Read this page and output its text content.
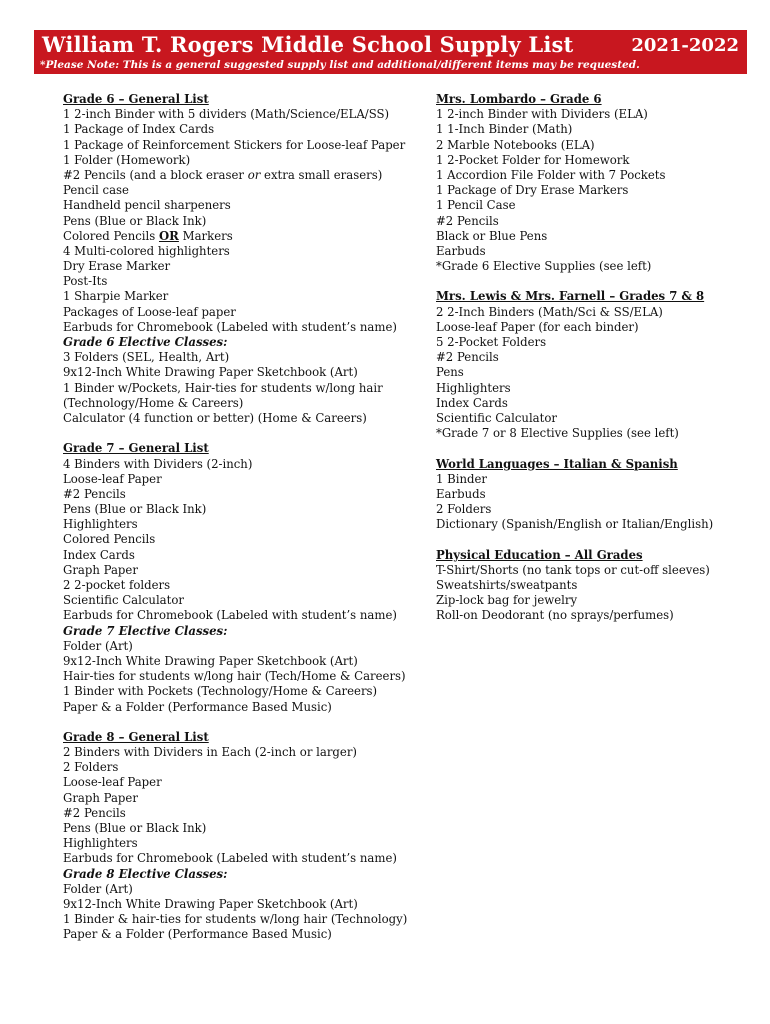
William T. Rogers Middle School Supply List	2021-2022
*Please Note: This is a general suggested supply list and additional/different items may be requested.
Grade 6 – General List
1 2-inch Binder with 5 dividers (Math/Science/ELA/SS)
1 Package of Index Cards
1 Package of Reinforcement Stickers for Loose-leaf Paper
1 Folder (Homework)
#2 Pencils (and a block eraser or extra small erasers)
Pencil case
Handheld pencil sharpeners
Pens (Blue or Black Ink)
Colored Pencils OR Markers
4 Multi-colored highlighters
Dry Erase Marker
Post-Its
1 Sharpie Marker
Packages of Loose-leaf paper
Earbuds for Chromebook (Labeled with student’s name)
Grade 6 Elective Classes:
3 Folders (SEL, Health, Art)
9x12-Inch White Drawing Paper Sketchbook (Art)
1 Binder w/Pockets, Hair-ties for students w/long hair
(Technology/Home & Careers)
Calculator (4 function or better) (Home & Careers)
Grade 7 – General List
4 Binders with Dividers (2-inch)
Loose-leaf Paper
#2 Pencils
Pens (Blue or Black Ink)
Highlighters
Colored Pencils
Index Cards
Graph Paper
2 2-pocket folders
Scientific Calculator
Earbuds for Chromebook (Labeled with student’s name)
Grade 7 Elective Classes:
Folder (Art)
9x12-Inch White Drawing Paper Sketchbook (Art)
Hair-ties for students w/long hair (Tech/Home & Careers)
1 Binder with Pockets (Technology/Home & Careers)
Paper & a Folder (Performance Based Music)
Grade 8 – General List
2 Binders with Dividers in Each (2-inch or larger)
2 Folders
Loose-leaf Paper
Graph Paper
#2 Pencils
Pens (Blue or Black Ink)
Highlighters
Earbuds for Chromebook (Labeled with student’s name)
Grade 8 Elective Classes:
Folder (Art)
9x12-Inch White Drawing Paper Sketchbook (Art)
1 Binder & hair-ties for students w/long hair (Technology)
Paper & a Folder (Performance Based Music)
Mrs. Lombardo – Grade 6
1 2-inch Binder with Dividers (ELA)
1 1-Inch Binder (Math)
2 Marble Notebooks (ELA)
1 2-Pocket Folder for Homework
1 Accordion File Folder with 7 Pockets
1 Package of Dry Erase Markers
1 Pencil Case
#2 Pencils
Black or Blue Pens
Earbuds
*Grade 6 Elective Supplies (see left)
Mrs. Lewis & Mrs. Farnell – Grades 7 & 8
2 2-Inch Binders (Math/Sci & SS/ELA)
Loose-leaf Paper (for each binder)
5 2-Pocket Folders
#2 Pencils
Pens
Highlighters
Index Cards
Scientific Calculator
*Grade 7 or 8 Elective Supplies (see left)
World Languages – Italian & Spanish
1 Binder
Earbuds
2 Folders
Dictionary (Spanish/English or Italian/English)
Physical Education – All Grades
T-Shirt/Shorts (no tank tops or cut-off sleeves)
Sweatshirts/sweatpants
Zip-lock bag for jewelry
Roll-on Deodorant (no sprays/perfumes)
